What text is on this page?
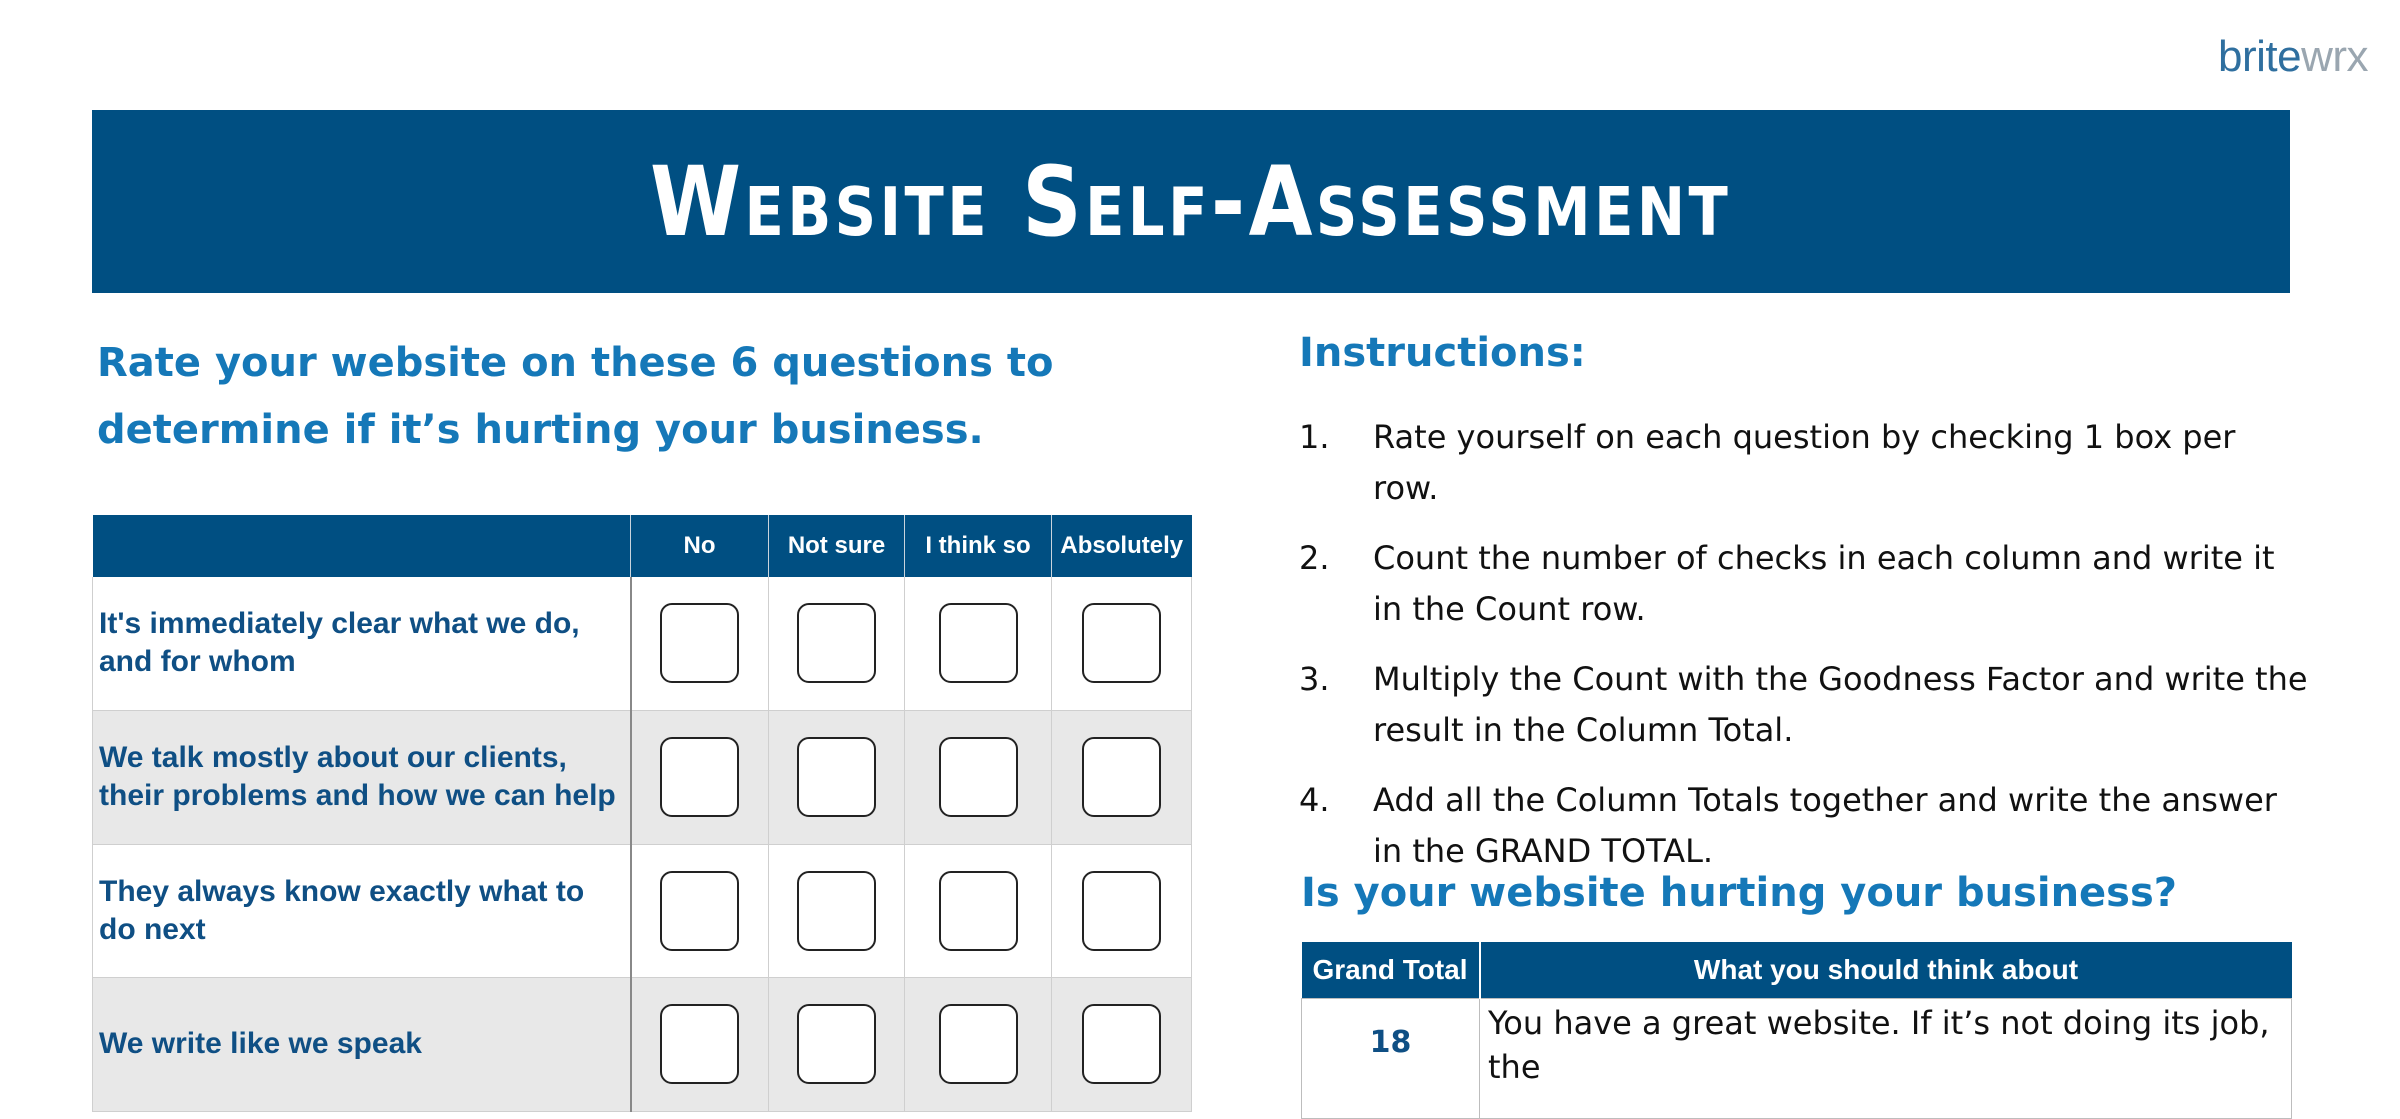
britewrx
Website Self-Assessment

Rate your website on these 6 questions to determine if it’s hurting your business.

	No	Not sure	I think so	Absolutely
It's immediately clear what we do, and for whom				
We talk mostly about our clients, their problems and how we can help				
They always know exactly what to do next				
We write like we speak				
Instructions:
1. Rate yourself on each question by checking 1 box per row.
2. Count the number of checks in each column and write it in the Count row.
3. Multiply the Count with the Goodness Factor and write the result in the Column Total.
4. Add all the Column Totals together and write the answer in the GRAND TOTAL.
Is your website hurting your business?
Grand Total	What you should think about
18	You have a great website. If it’s not doing its job, the
